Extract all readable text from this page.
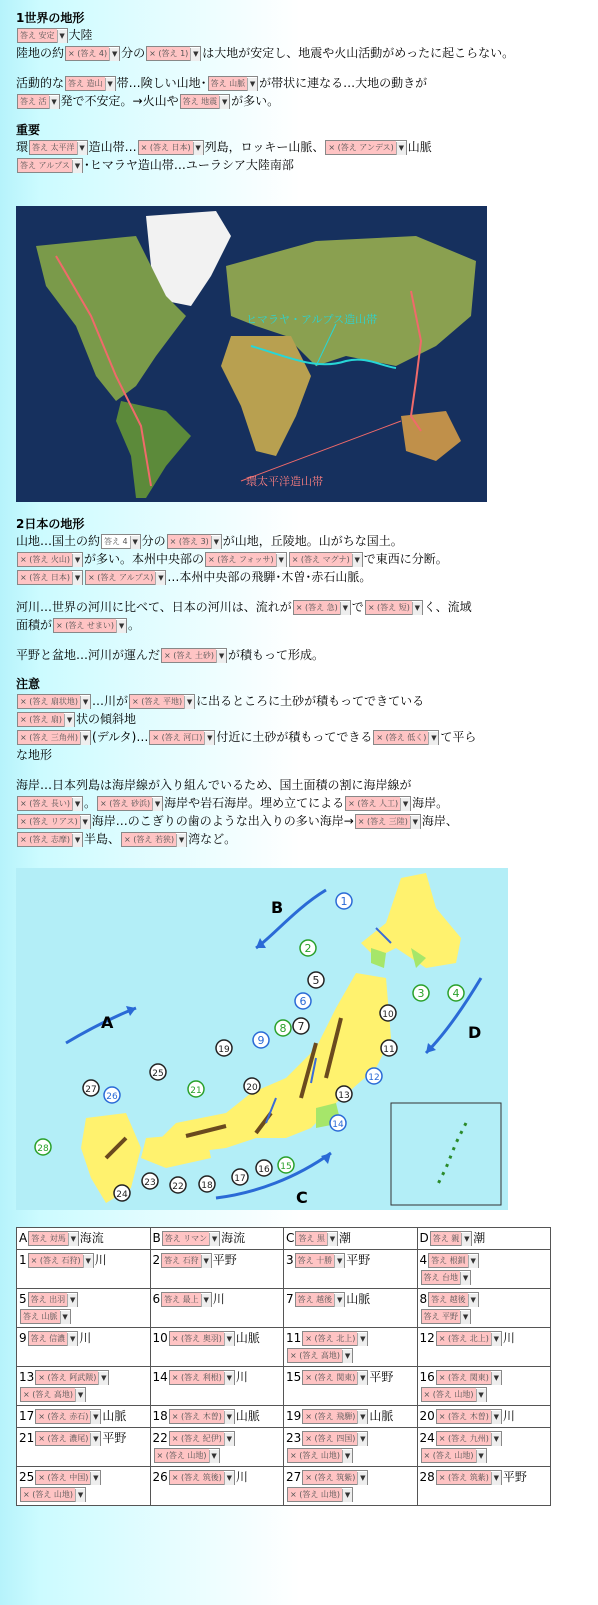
1世界の地形

答え 安定 ▼ 大陸

陸地の約 × (答え 4) ▼ 分の × (答え 1) ▼ は大地が安定し、地震や火山活動がめったに起こらない。

活動的な 答え 造山 ▼ 帯…険しい山地･ 答え 山脈 ▼ が帯状に連なる…大地の動きが

答え 活 ▼ 発で不安定。→火山や 答え 地震 ▼ が多い。

重要

環 答え 太平洋 ▼ 造山帯… × (答え 日本) ▼ 列島，ロッキー山脈、 × (答え アンデス) ▼ 山脈

答え アルプス ▼ ･ヒマラヤ造山帯…ユーラシア大陸南部

ヒマラヤ・アルプス造山帯
環太平洋造山帯
2日本の地形

山地…国土の約 答え 4 ▼ 分の × (答え 3) ▼ が山地，丘陵地。山がちな国土。

× (答え 火山) ▼ が多い。本州中央部の × (答え フォッサ) ▼ × (答え マグナ) ▼ で東西に分断。

× (答え 日本) ▼ × (答え アルプス) ▼ …本州中央部の飛騨･木曽･赤石山脈。

河川…世界の河川に比べて、日本の河川は、流れが × (答え 急) ▼ で × (答え 短) ▼ く、流域

面積が × (答え せまい) ▼ 。

平野と盆地…河川が運んだ × (答え 土砂) ▼ が積もって形成。

注意

× (答え 扇状地) ▼ …川が × (答え 平地) ▼ に出るところに土砂が積もってできている

× (答え 扇) ▼ 状の傾斜地

× (答え 三角州) ▼ (デルタ)… × (答え 河口) ▼ 付近に土砂が積もってできる × (答え 低く) ▼ て平ら

な地形

海岸…日本列島は海岸線が入り組んでいるため、国土面積の割に海岸線が

× (答え 長い) ▼ 。 × (答え 砂浜) ▼ 海岸や岩石海岸。埋め立てによる × (答え 人工) ▼ 海岸。

× (答え リアス) ▼ 海岸…のこぎりの歯のような出入りの多い海岸→ × (答え 三陸) ▼ 海岸、

× (答え 志摩) ▼ 半島、 × (答え 若狭) ▼ 湾など。

A
B
C
D
1
2
3	4
5
6
7
8
9
10
11
12
13
14
15
16
17
18
19
20
21
22
23
24
25
26
27
28
A 答え 対馬 ▼ 海流	B 答え リマン ▼ 海流	C 答え 黒 ▼ 潮	D 答え 親 ▼ 潮
1 × (答え 石狩) ▼ 川	2 答え 石狩 ▼ 平野	3 答え 十勝 ▼ 平野	4 答え 根釧 ▼
答え 台地 ▼
5 答え 出羽 ▼
答え 山脈 ▼	6 答え 最上 ▼ 川	7 答え 越後 ▼ 山脈	8 答え 越後 ▼
答え 平野 ▼
9 答え 信濃 ▼ 川	10 × (答え 奥羽) ▼ 山脈	11 × (答え 北上) ▼
× (答え 高地) ▼	12 × (答え 北上) ▼ 川
13 × (答え 阿武隈) ▼
× (答え 高地) ▼	14 × (答え 利根) ▼ 川	15 × (答え 関東) ▼ 平野	16 × (答え 関東) ▼
× (答え 山地) ▼
17 × (答え 赤石) ▼ 山脈	18 × (答え 木曽) ▼ 山脈	19 × (答え 飛騨) ▼ 山脈	20 × (答え 木曽) ▼ 川
21 × (答え 濃尾) ▼ 平野	22 × (答え 紀伊) ▼
× (答え 山地) ▼	23 × (答え 四国) ▼
× (答え 山地) ▼	24 × (答え 九州) ▼
× (答え 山地) ▼
25 × (答え 中国) ▼
× (答え 山地) ▼	26 × (答え 筑後) ▼ 川	27 × (答え 筑紫) ▼
× (答え 山地) ▼	28 × (答え 筑紫) ▼ 平野
